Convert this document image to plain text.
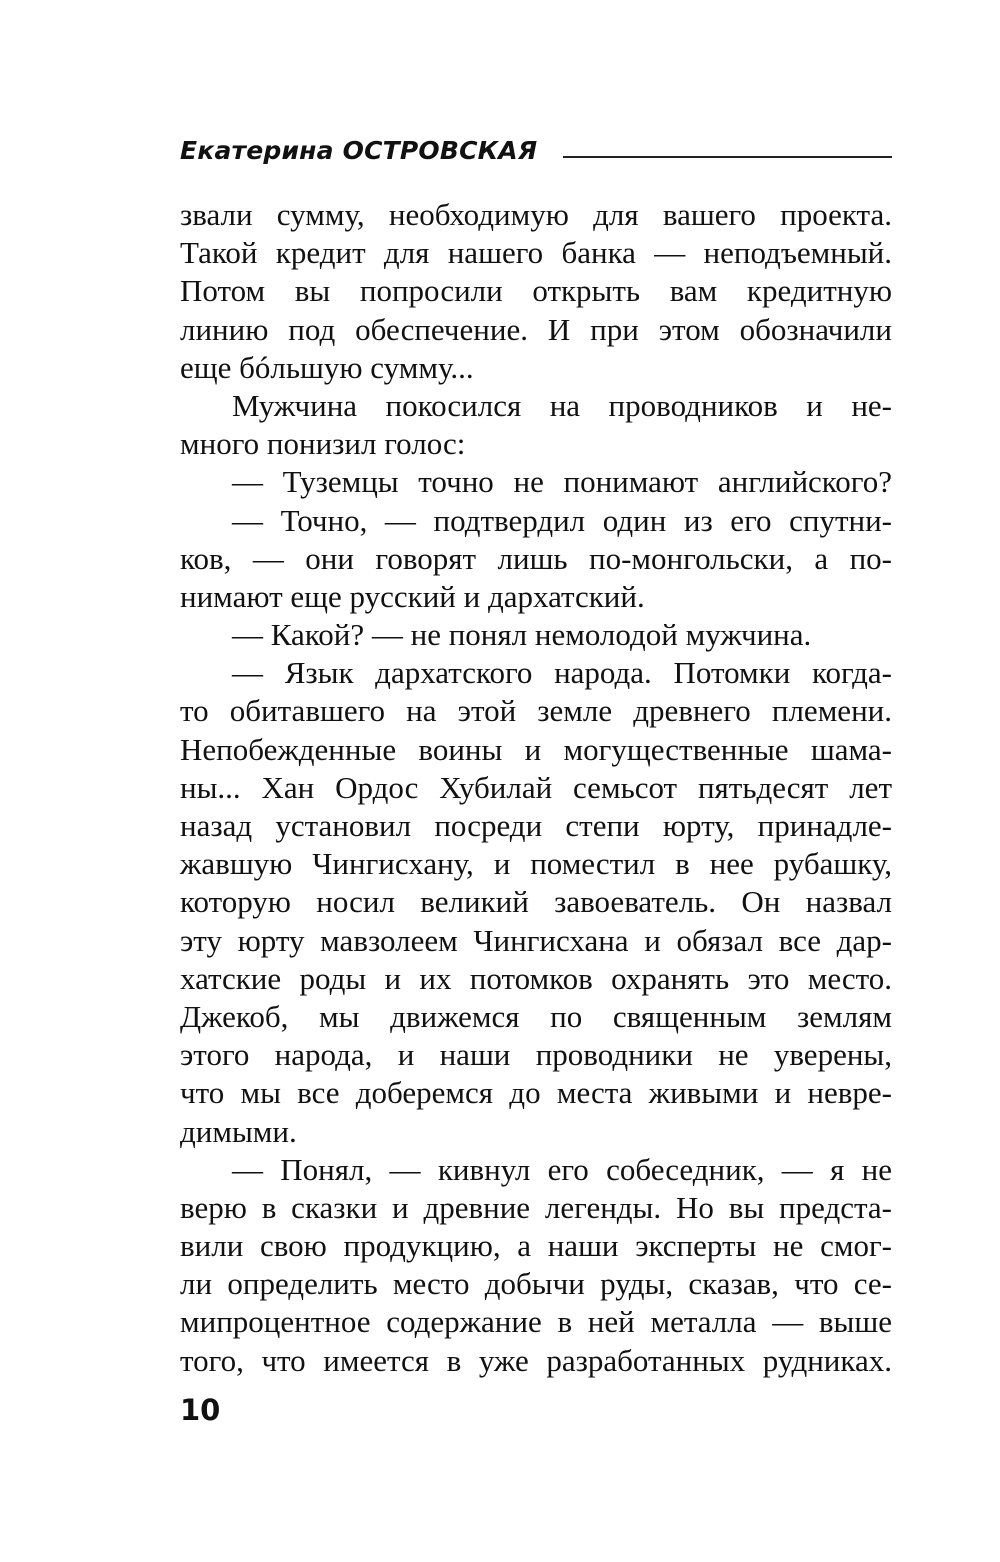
Екатерина ОСТРОВСКАЯ
звали сумму, необходимую для вашего проекта.
Такой кредит для нашего банка — неподъемный.
Потом вы попросили открыть вам кредитную
линию под обеспечение. И при этом обозначили
еще бóльшую сумму...
Мужчина покосился на проводников и не-
много понизил голос:
— Туземцы точно не понимают английского?
— Точно, — подтвердил один из его спутни-
ков, — они говорят лишь по-монгольски, а по-
нимают еще русский и дархатский.
— Какой? — не понял немолодой мужчина.
— Язык дархатского народа. Потомки когда-
то обитавшего на этой земле древнего племени.
Непобежденные воины и могущественные шама-
ны... Хан Ордос Хубилай семьсот пятьдесят лет
назад установил посреди степи юрту, принадле-
жавшую Чингисхану, и поместил в нее рубашку,
которую носил великий завоеватель. Он назвал
эту юрту мавзолеем Чингисхана и обязал все дар-
хатские роды и их потомков охранять это место.
Джекоб, мы движемся по священным землям
этого народа, и наши проводники не уверены,
что мы все доберемся до места живыми и невре-
димыми.
— Понял, — кивнул его собеседник, — я не
верю в сказки и древние легенды. Но вы предста-
вили свою продукцию, а наши эксперты не смог-
ли определить место добычи руды, сказав, что се-
мипроцентное содержание в ней металла — выше
того, что имеется в уже разработанных рудниках.
10
